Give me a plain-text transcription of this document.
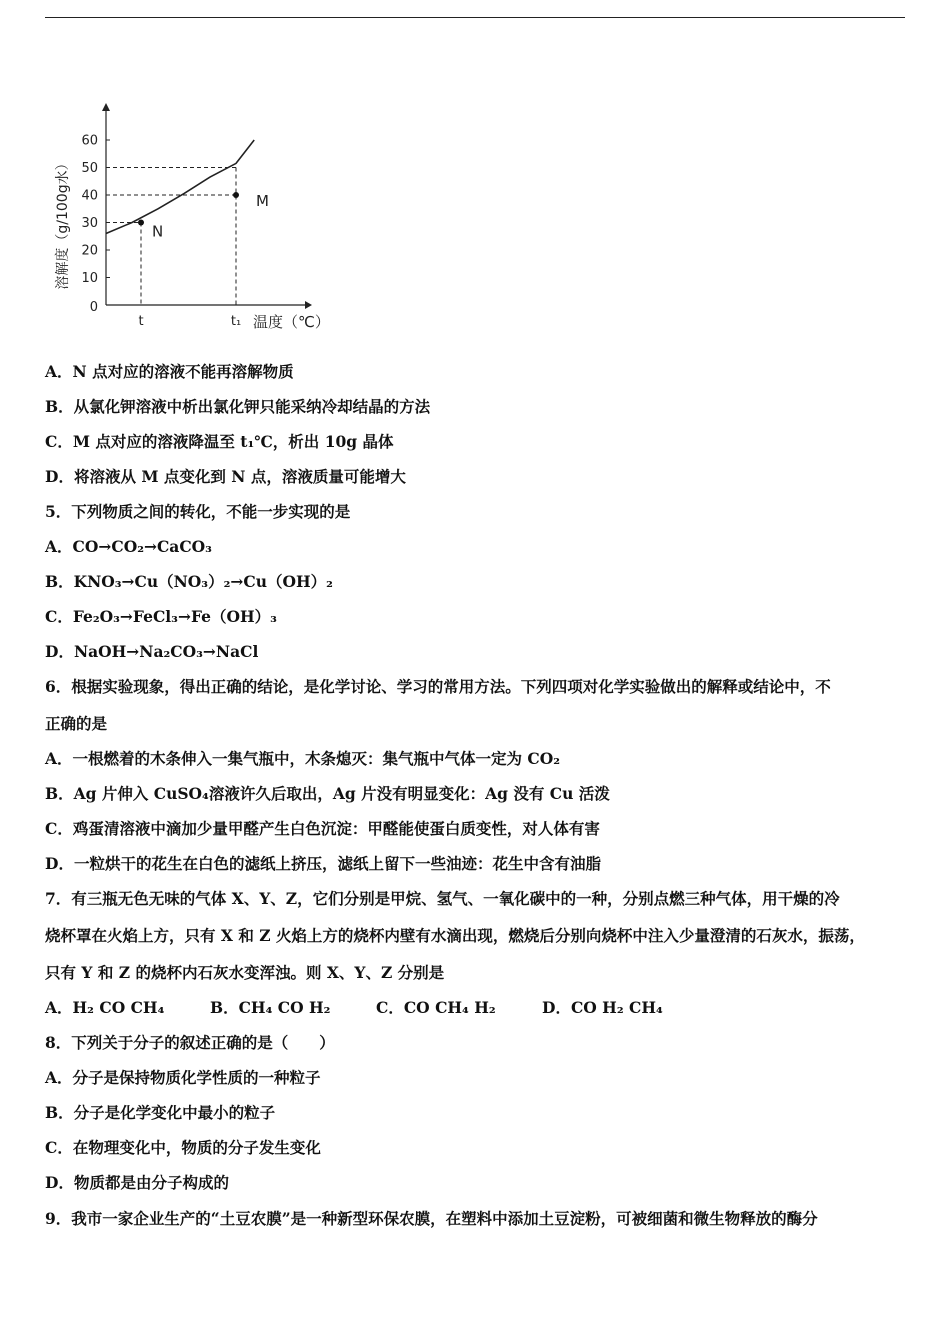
0
10
20
30
40
50
60
N
M
t	t₁ 温度（℃）
溶解度（g/100g水）
A．N 点对应的溶液不能再溶解物质
B．从氯化钾溶液中析出氯化钾只能采纳冷却结晶的方法
C．M 点对应的溶液降温至 t₁℃，析出 10g 晶体
D．将溶液从 M 点变化到 N 点，溶液质量可能增大
5．下列物质之间的转化，不能一步实现的是
A．CO→CO₂→CaCO₃
B．KNO₃→Cu（NO₃）₂→Cu（OH）₂
C．Fe₂O₃→FeCl₃→Fe（OH）₃
D．NaOH→Na₂CO₃→NaCl
6．根据实验现象，得出正确的结论，是化学讨论、学习的常用方法。下列四项对化学实验做出的解释或结论中，不
正确的是
A．一根燃着的木条伸入一集气瓶中，木条熄灭：集气瓶中气体一定为 CO₂
B．Ag 片伸入 CuSO₄溶液许久后取出，Ag 片没有明显变化：Ag 没有 Cu 活泼
C．鸡蛋清溶液中滴加少量甲醛产生白色沉淀：甲醛能使蛋白质变性，对人体有害
D．一粒烘干的花生在白色的滤纸上挤压，滤纸上留下一些油迹：花生中含有油脂
7．有三瓶无色无味的气体 X、Y、Z，它们分别是甲烷、氢气、一氧化碳中的一种，分别点燃三种气体，用干燥的冷
烧杯罩在火焰上方，只有 X 和 Z 火焰上方的烧杯内壁有水滴出现，燃烧后分别向烧杯中注入少量澄清的石灰水，振荡，
只有 Y 和 Z 的烧杯内石灰水变浑浊。则 X、Y、Z 分别是
A．H₂ CO CH₄	B．CH₄ CO H₂	C．CO CH₄ H₂	D．CO H₂ CH₄
8．下列关于分子的叙述正确的是（　　）
A．分子是保持物质化学性质的一种粒子
B．分子是化学变化中最小的粒子
C．在物理变化中，物质的分子发生变化
D．物质都是由分子构成的
9．我市一家企业生产的“土豆农膜”是一种新型环保农膜，在塑料中添加土豆淀粉，可被细菌和微生物释放的酶分
